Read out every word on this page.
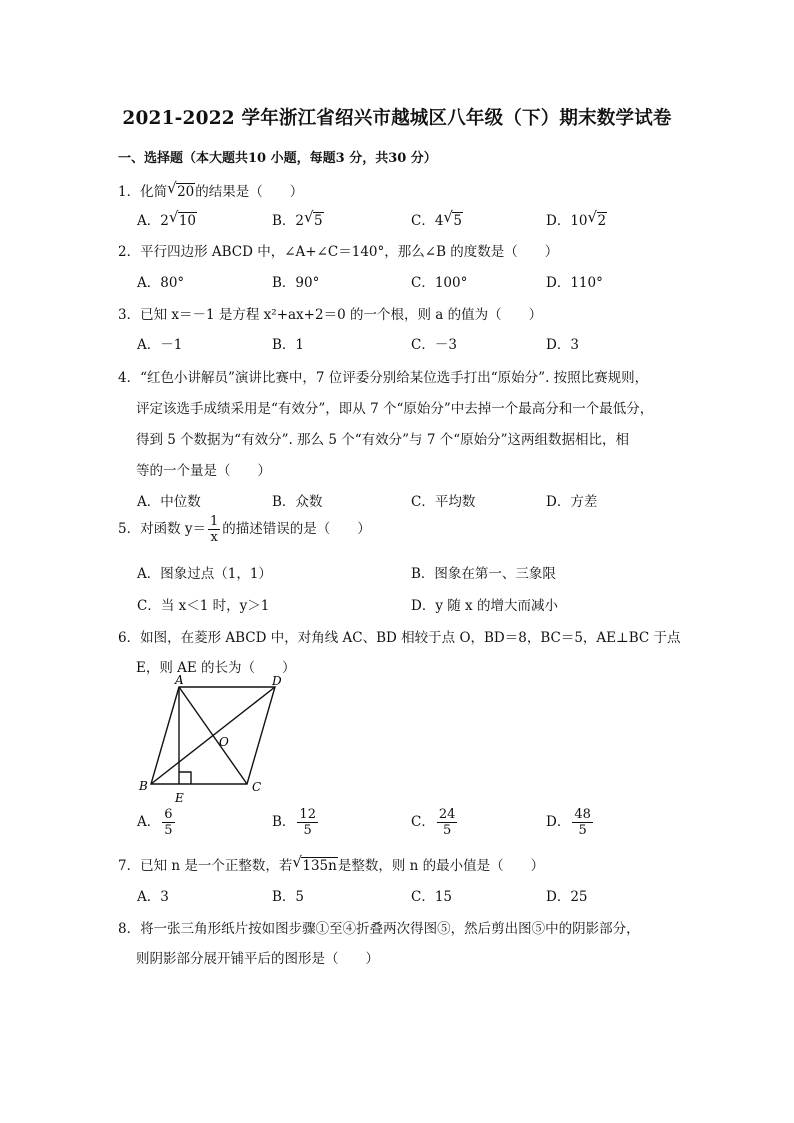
2021-2022 学年浙江省绍兴市越城区八年级（下）期末数学试卷
一、选择题（本大题共10 小题，每题3 分，共30 分）
1．化简 √ 20的结果是（　　）
A．2 √ 10	B．2 √ 5	C．4 √ 5	D．10 √ 2
2．平行四边形 ABCD 中，∠A+∠C＝140°，那么∠B 的度数是（　　）
A．80°	B．90°	C．100°	D．110°
3．已知 x＝－1 是方程 x²+ax+2＝0 的一个根，则 a 的值为（　　）
A．－1	B．1	C．－3	D．3
4．“红色小讲解员”演讲比赛中，7 位评委分别给某位选手打出“原始分”. 按照比赛规则，
评定该选手成绩采用是“有效分”，即从 7 个“原始分”中去掉一个最高分和一个最低分，
得到 5 个数据为“有效分”. 那么 5 个“有效分”与 7 个“原始分”这两组数据相比，相
等的一个量是（　　）
A．中位数	B．众数	C．平均数	D．方差
5．对函数 $y= \frac{1}{x}$ 的描述错误的是（　　）
A．图象过点（1，1）	B．图象在第一、三象限
C．当 x＜1 时，y＞1	D．y 随 x 的增大而减小
6．如图，在菱形 ABCD 中，对角线 AC、BD 相较于点 O，BD＝8，BC＝5，AE⊥BC 于点
E，则 AE 的长为（　　）
A	D
B	C
O
E
A． $\frac{6}{5}$	B． $\frac{12}{5}$	C． $\frac{24}{5}$	D． $\frac{48}{5}$
7．已知 n 是一个正整数，若 √ 135n是整数，则 n 的最小值是（　　）
A．3	B．5	C．15	D．25
8．将一张三角形纸片按如图步骤①至④折叠两次得图⑤，然后剪出图⑤中的阴影部分，
则阴影部分展开铺平后的图形是（　　）
